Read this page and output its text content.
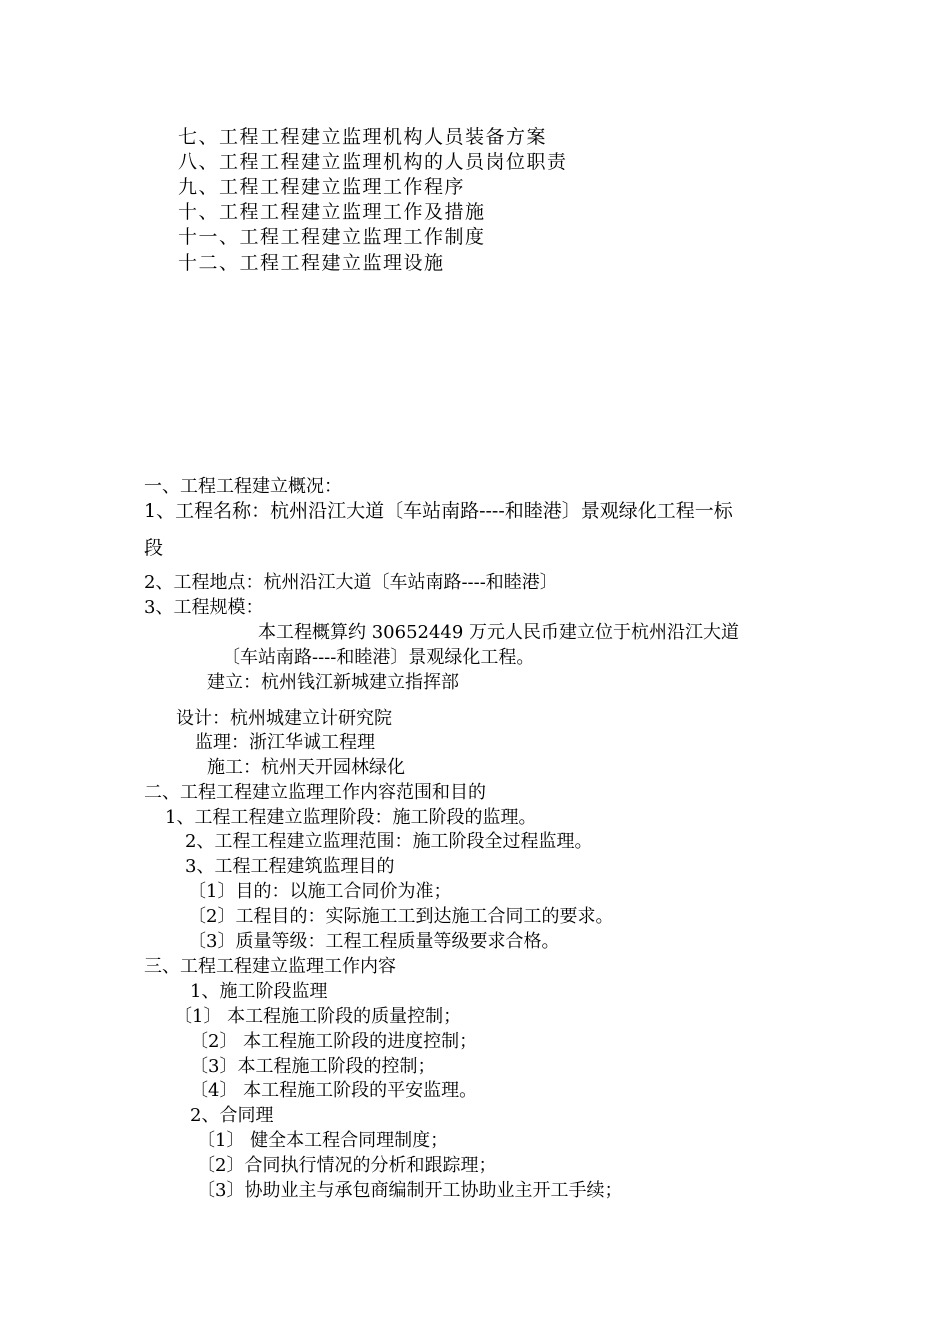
七、工程工程建立监理机构人员装备方案
八、工程工程建立监理机构的人员岗位职责
九、工程工程建立监理工作程序
十、工程工程建立监理工作及措施
十一、工程工程建立监理工作制度
十二、工程工程建立监理设施
一、工程工程建立概况：
1、工程名称：杭州沿江大道〔车站南路----和睦港〕景观绿化工程一标
段
2、工程地点：杭州沿江大道〔车站南路----和睦港〕
3、工程规模：
本工程概算约 30652449 万元人民币建立位于杭州沿江大道
〔车站南路----和睦港〕景观绿化工程。
建立：杭州钱江新城建立指挥部
设计：杭州城建立计研究院
监理：浙江华诚工程理
施工：杭州天开园林绿化
二、工程工程建立监理工作内容范围和目的
1、工程工程建立监理阶段：施工阶段的监理。
2、工程工程建立监理范围：施工阶段全过程监理。
3、工程工程建筑监理目的
〔1〕目的：以施工合同价为准；
〔2〕工程目的：实际施工工到达施工合同工的要求。
〔3〕质量等级：工程工程质量等级要求合格。
三、工程工程建立监理工作内容
1、施工阶段监理
〔1〕 本工程施工阶段的质量控制；
〔2〕 本工程施工阶段的进度控制；
〔3〕本工程施工阶段的控制；
〔4〕 本工程施工阶段的平安监理。
2、合同理
〔1〕 健全本工程合同理制度；
〔2〕合同执行情况的分析和跟踪理；
〔3〕协助业主与承包商编制开工协助业主开工手续；
